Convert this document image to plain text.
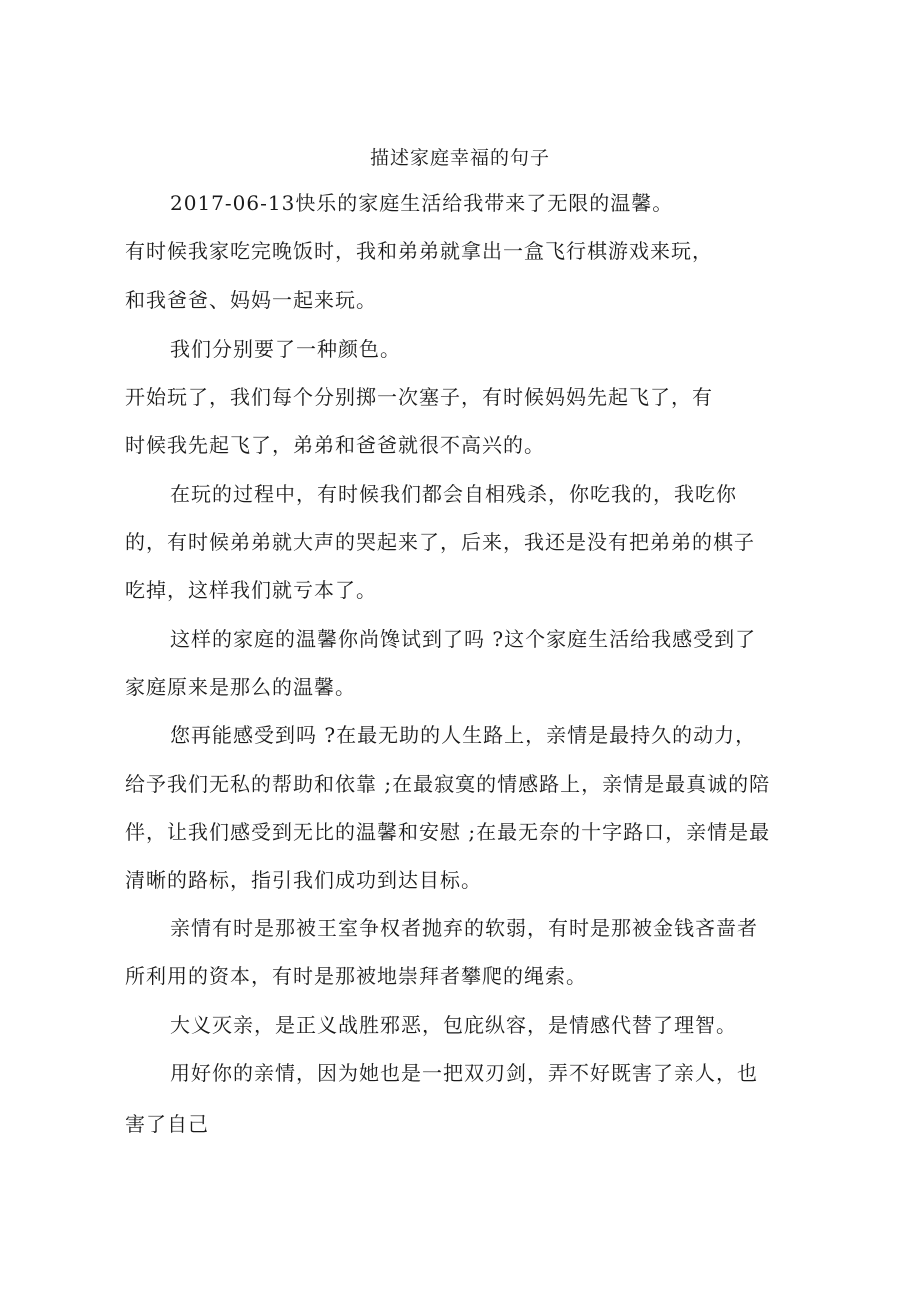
描述家庭幸福的句子
2017-06-13快乐的家庭生活给我带来了无限的温馨。
有时候我家吃完晚饭时，我和弟弟就拿出一盒飞行棋游戏来玩，
和我爸爸、妈妈一起来玩。
我们分别要了一种颜色。
开始玩了，我们每个分别掷一次塞子，有时候妈妈先起飞了，有
时候我先起飞了，弟弟和爸爸就很不高兴的。
在玩的过程中，有时候我们都会自相残杀，你吃我的，我吃你
的，有时候弟弟就大声的哭起来了，后来，我还是没有把弟弟的棋子
吃掉，这样我们就亏本了。
这样的家庭的温馨你尚馋试到了吗 ?这个家庭生活给我感受到了
家庭原来是那么的温馨。
您再能感受到吗 ?在最无助的人生路上，亲情是最持久的动力，
给予我们无私的帮助和依靠 ;在最寂寞的情感路上，亲情是最真诚的陪
伴，让我们感受到无比的温馨和安慰 ;在最无奈的十字路口，亲情是最
清晰的路标，指引我们成功到达目标。
亲情有时是那被王室争权者抛弃的软弱，有时是那被金钱吝啬者
所利用的资本，有时是那被地崇拜者攀爬的绳索。
大义灭亲，是正义战胜邪恶，包庇纵容，是情感代替了理智。
用好你的亲情，因为她也是一把双刃剑，弄不好既害了亲人，也
害了自己
